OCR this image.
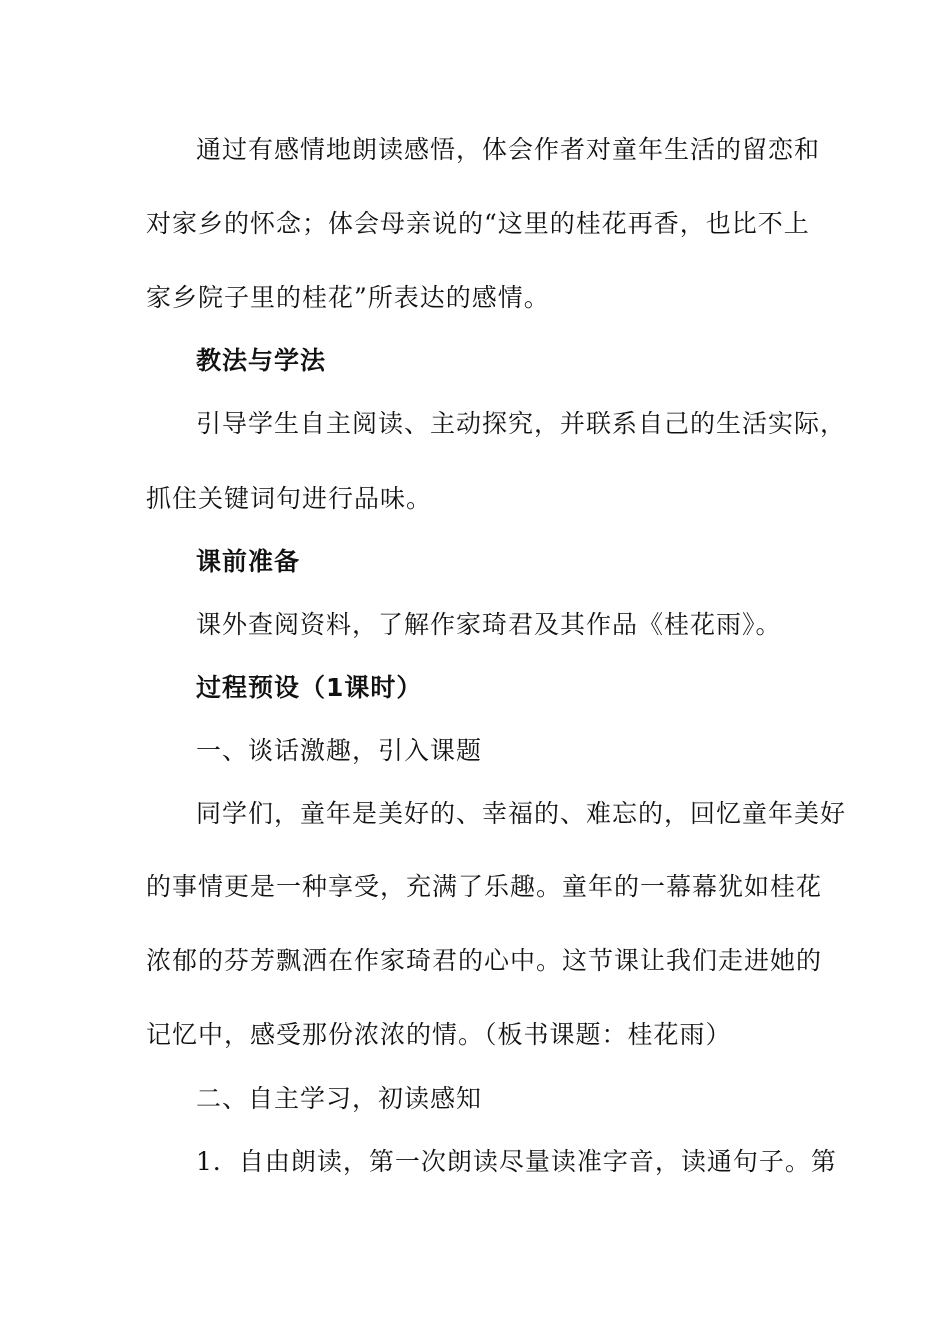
通过有感情地朗读感悟，体会作者对童年生活的留恋和
对家乡的怀念；体会母亲说的“这里的桂花再香，也比不上
家乡院子里的桂花”所表达的感情。
教法与学法
引导学生自主阅读、主动探究，并联系自己的生活实际，
抓住关键词句进行品味。
课前准备
课外查阅资料，了解作家琦君及其作品《桂花雨》。
过程预设（1课时）
一、谈话激趣，引入课题
同学们，童年是美好的、幸福的、难忘的，回忆童年美好
的事情更是一种享受，充满了乐趣。童年的一幕幕犹如桂花
浓郁的芬芳飘洒在作家琦君的心中。这节课让我们走进她的
记忆中，感受那份浓浓的情。（板书课题：桂花雨）
二、自主学习，初读感知
1．自由朗读，第一次朗读尽量读准字音，读通句子。第
